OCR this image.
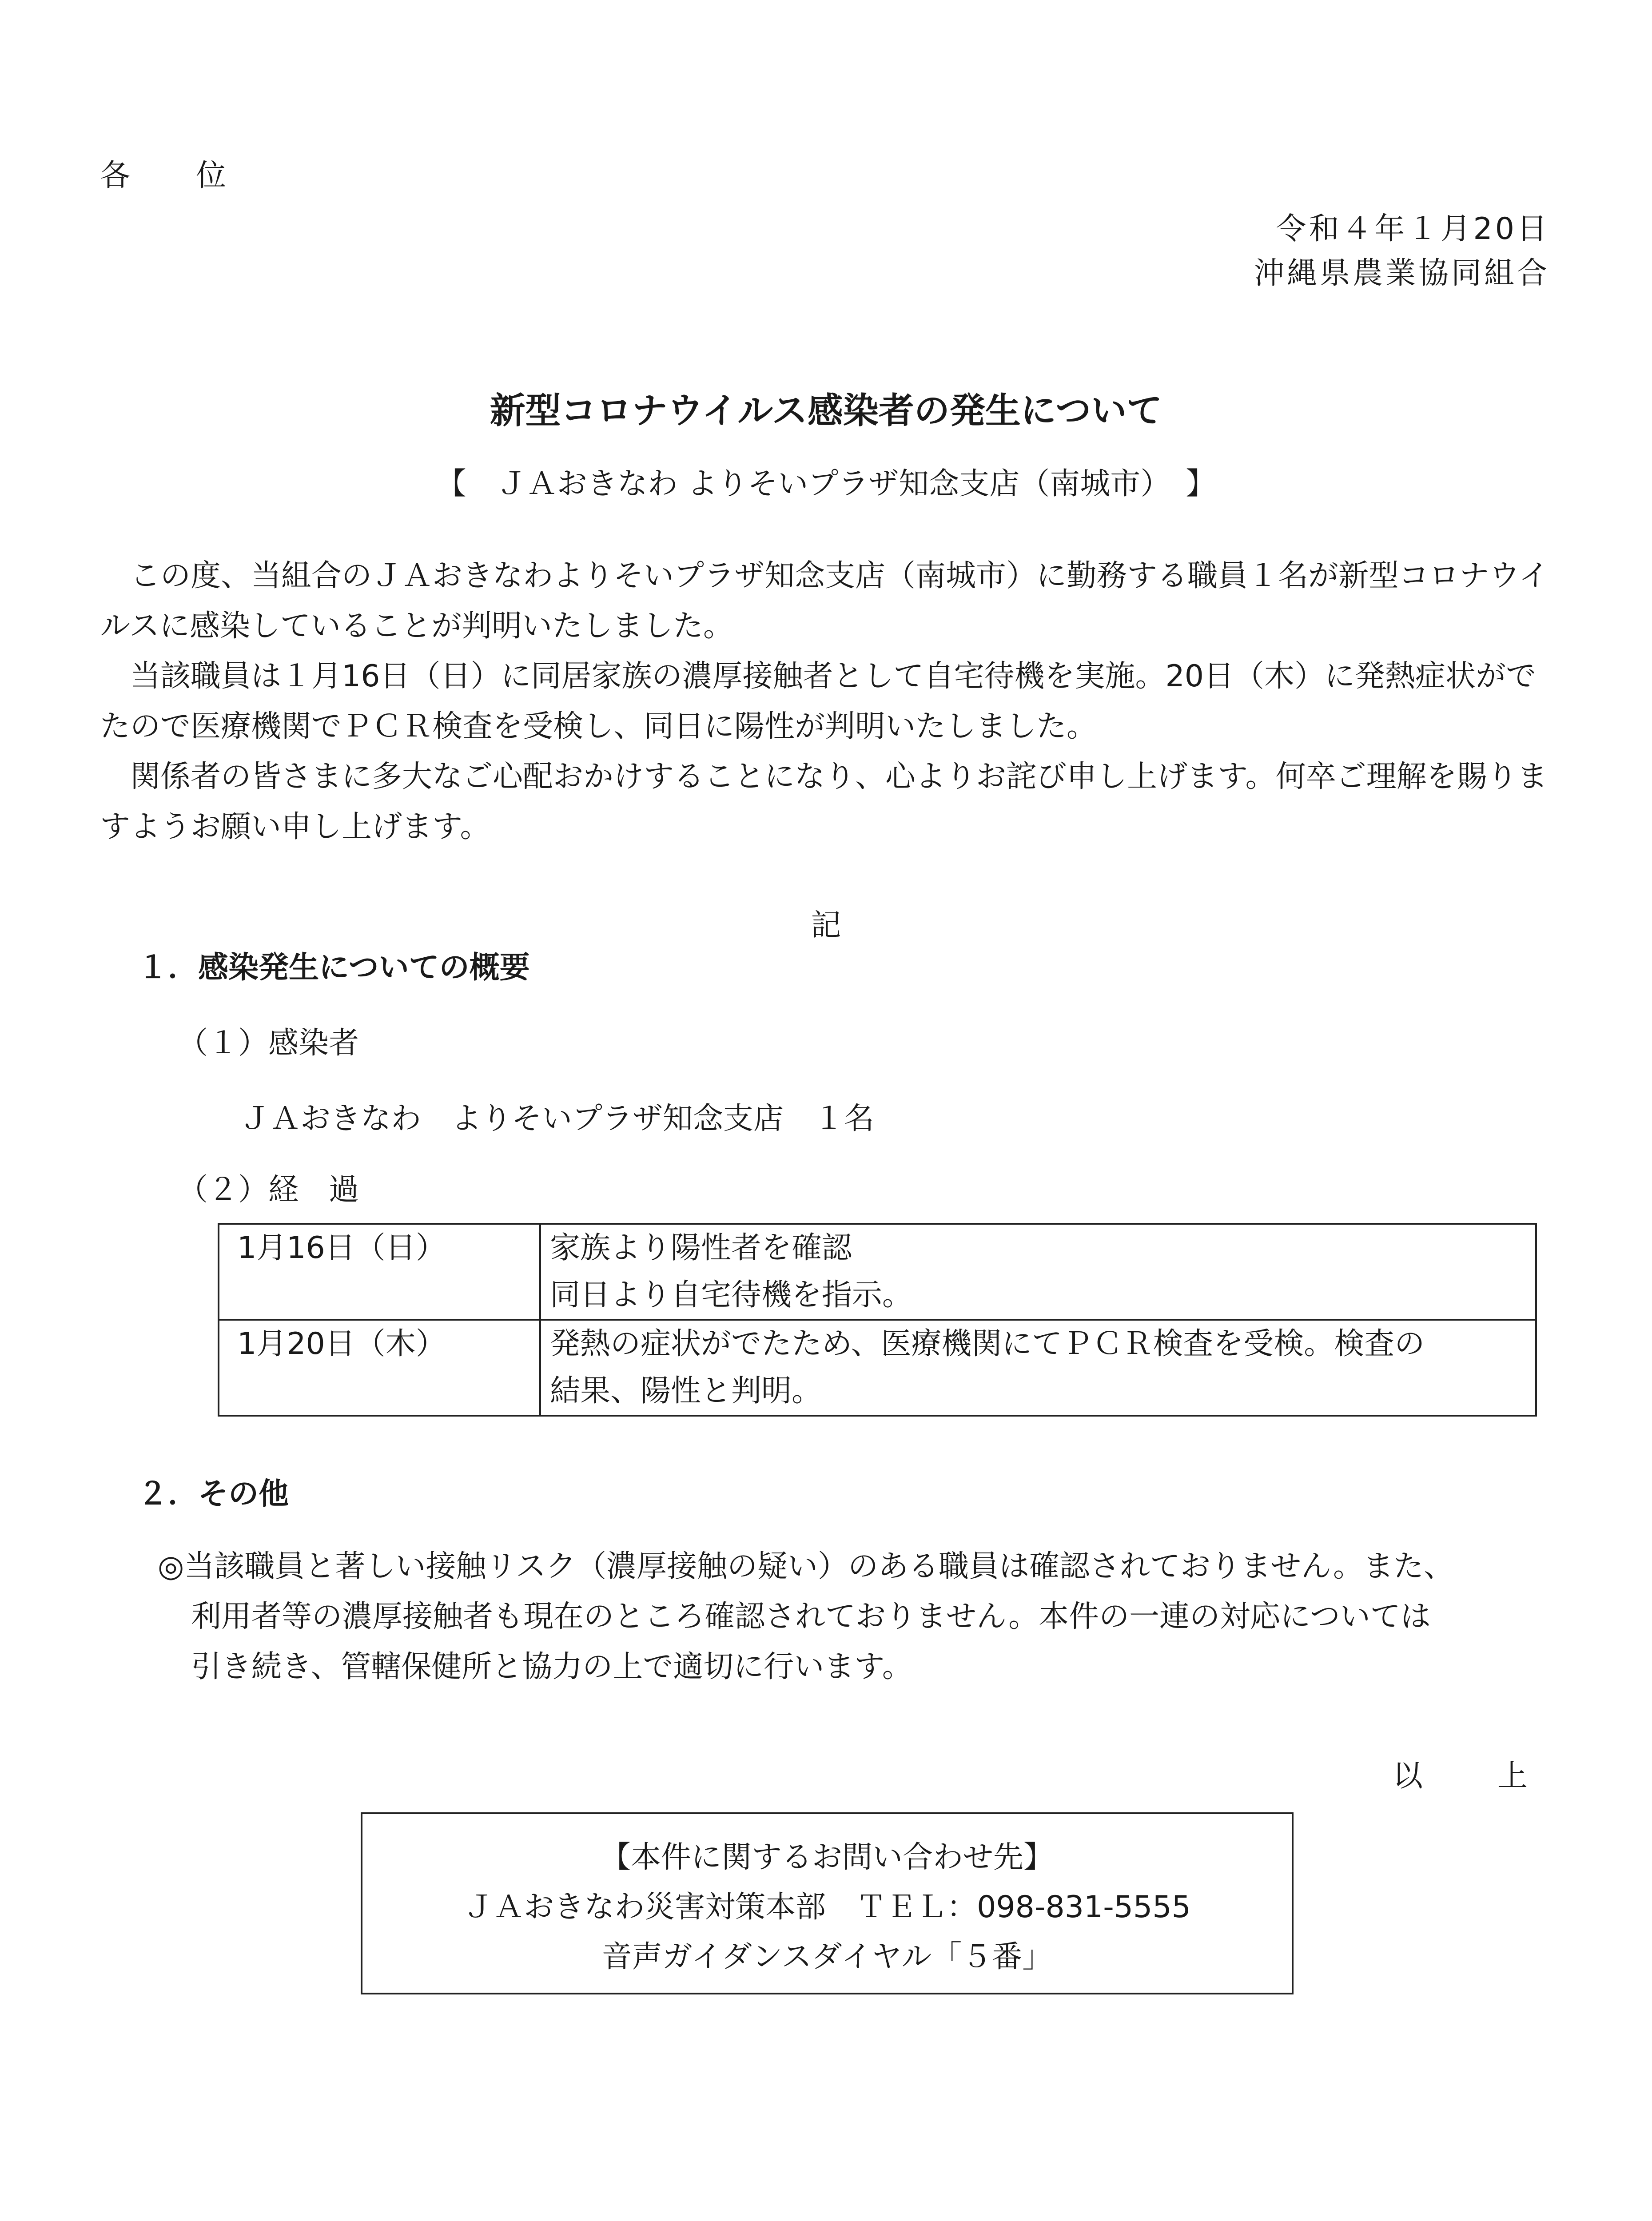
各　位
令和４年１月20日
沖縄県農業協同組合
新型コロナウイルス感染者の発生について
【　ＪＡおきなわ よりそいプラザ知念支店（南城市）　】

この度、当組合のＪＡおきなわよりそいプラザ知念支店（南城市）に勤務する職員１名が新型コロナウイルスに感染していることが判明いたしました。

当該職員は１月16日（日）に同居家族の濃厚接触者として自宅待機を実施。20日（木）に発熱症状がでたので医療機関でＰＣＲ検査を受検し、同日に陽性が判明いたしました。

関係者の皆さまに多大なご心配おかけすることになり、心よりお詫び申し上げます。何卒ご理解を賜りますようお願い申し上げます。

記
１．感染発生についての概要
（１）感染者
ＪＡおきなわ　よりそいプラザ知念支店　１名
（２）経　過
1月16日（日）	家族より陽性者を確認
同日より自宅待機を指示。

1月20日（木）	発熱の症状がでたため、医療機関にてＰＣＲ検査を受検。検査の
結果、陽性と判明。
２．その他
◎当該職員と著しい接触リスク（濃厚接触の疑い）のある職員は確認されておりません。また、
利用者等の濃厚接触者も現在のところ確認されておりません。本件の一連の対応については
引き続き、管轄保健所と協力の上で適切に行います。
以　上
【本件に関するお問い合わせ先】
ＪＡおきなわ災害対策本部　ＴＥＬ：098-831-5555
音声ガイダンスダイヤル「５番」
